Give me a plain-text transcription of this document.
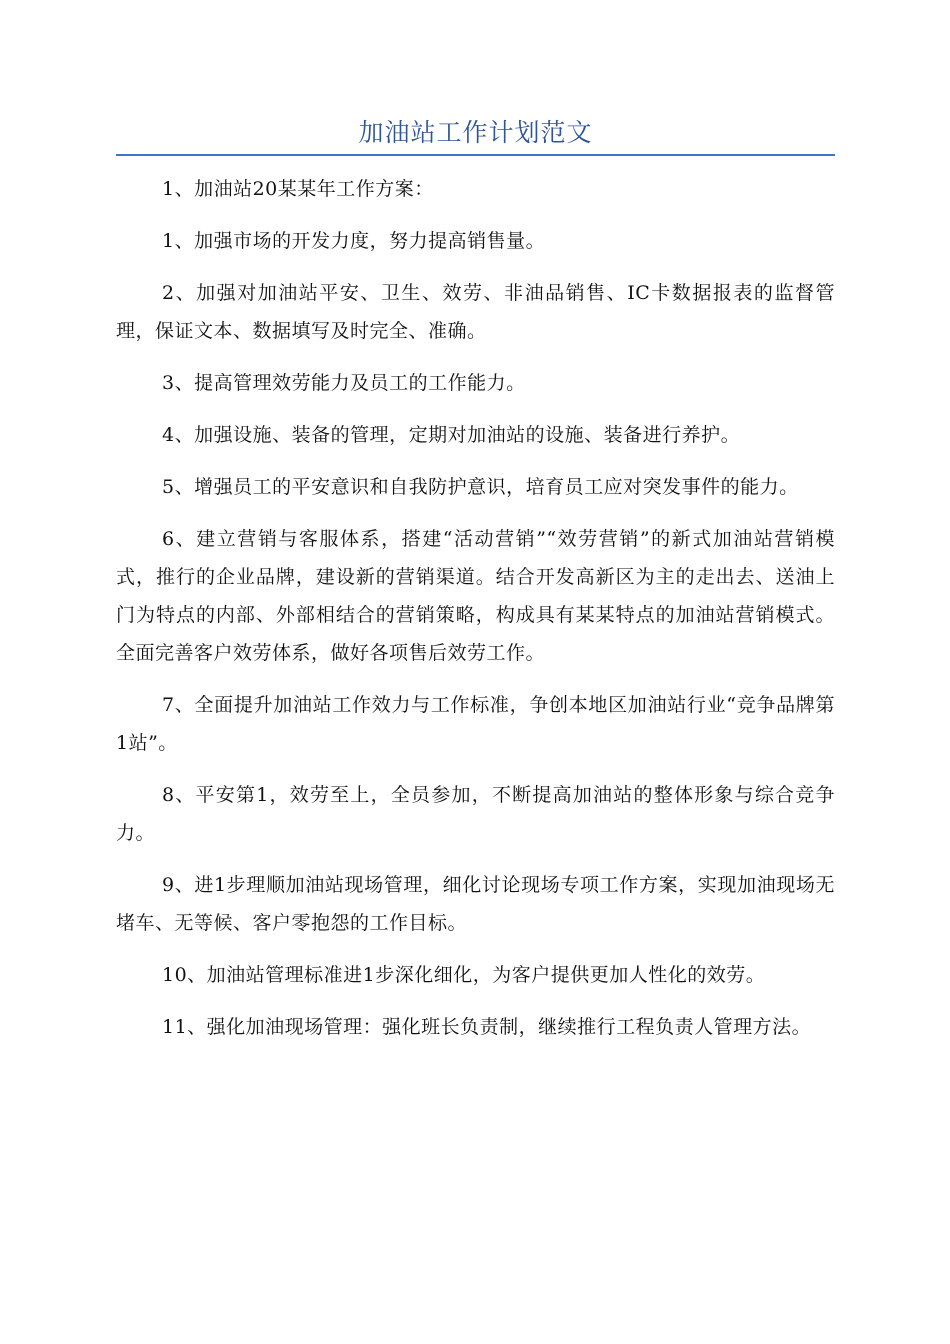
加油站工作计划范文

1、加油站20某某年工作方案：

1、加强市场的开发力度，努力提高销售量。

2、加强对加油站平安、卫生、效劳、非油品销售、IC卡数据报表的监督管理，保证文本、数据填写及时完全、准确。

3、提高管理效劳能力及员工的工作能力。

4、加强设施、装备的管理，定期对加油站的设施、装备进行养护。

5、增强员工的平安意识和自我防护意识，培育员工应对突发事件的能力。

6、建立营销与客服体系，搭建“活动营销”“效劳营销”的新式加油站营销模式，推行的企业品牌，建设新的营销渠道。结合开发高新区为主的走出去、送油上门为特点的内部、外部相结合的营销策略，构成具有某某特点的加油站营销模式。全面完善客户效劳体系，做好各项售后效劳工作。

7、全面提升加油站工作效力与工作标准，争创本地区加油站行业“竞争品牌第1站”。

8、平安第1，效劳至上，全员参加，不断提高加油站的整体形象与综合竞争力。

9、进1步理顺加油站现场管理，细化讨论现场专项工作方案，实现加油现场无堵车、无等候、客户零抱怨的工作目标。

10、加油站管理标准进1步深化细化，为客户提供更加人性化的效劳。

11、强化加油现场管理：强化班长负责制，继续推行工程负责人管理方法。
